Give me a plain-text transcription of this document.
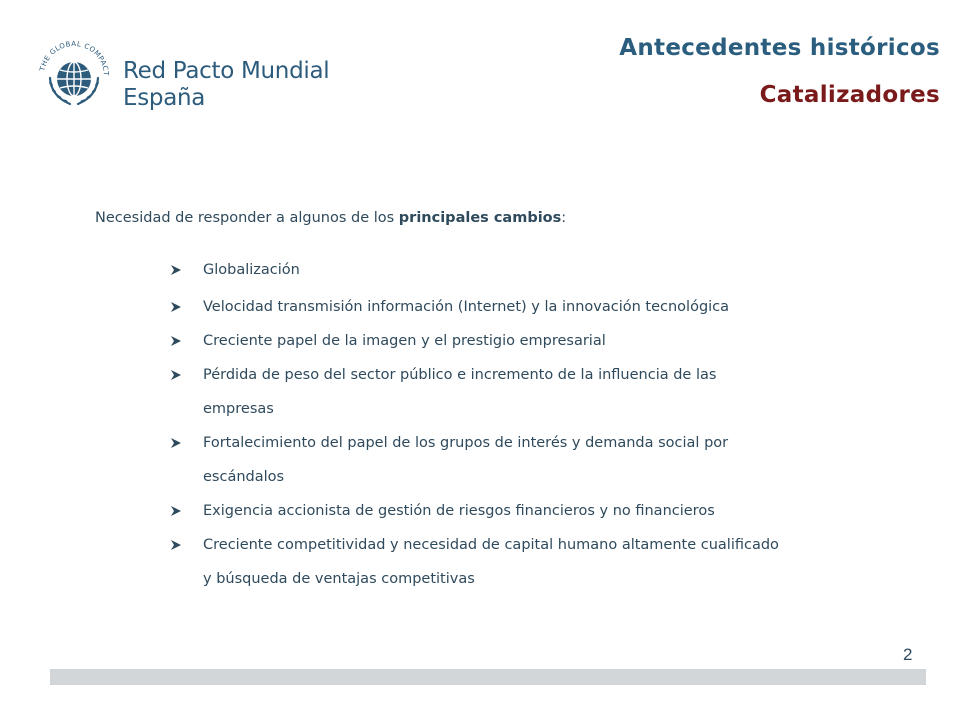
THE GLOBAL COMPACT Red Pacto Mundial
España
Antecedentes históricos
Catalizadores
Necesidad de responder a algunos de los principales cambios:
Globalización
Velocidad transmisión información (Internet) y la innovación tecnológica
Creciente papel de la imagen y el prestigio empresarial
Pérdida de peso del sector público e incremento de la influencia de las
empresas
Fortalecimiento del papel de los grupos de interés y demanda social por
escándalos
Exigencia accionista de gestión de riesgos financieros y no financieros
Creciente competitividad y necesidad de capital humano altamente cualificado
y búsqueda de ventajas competitivas
2
